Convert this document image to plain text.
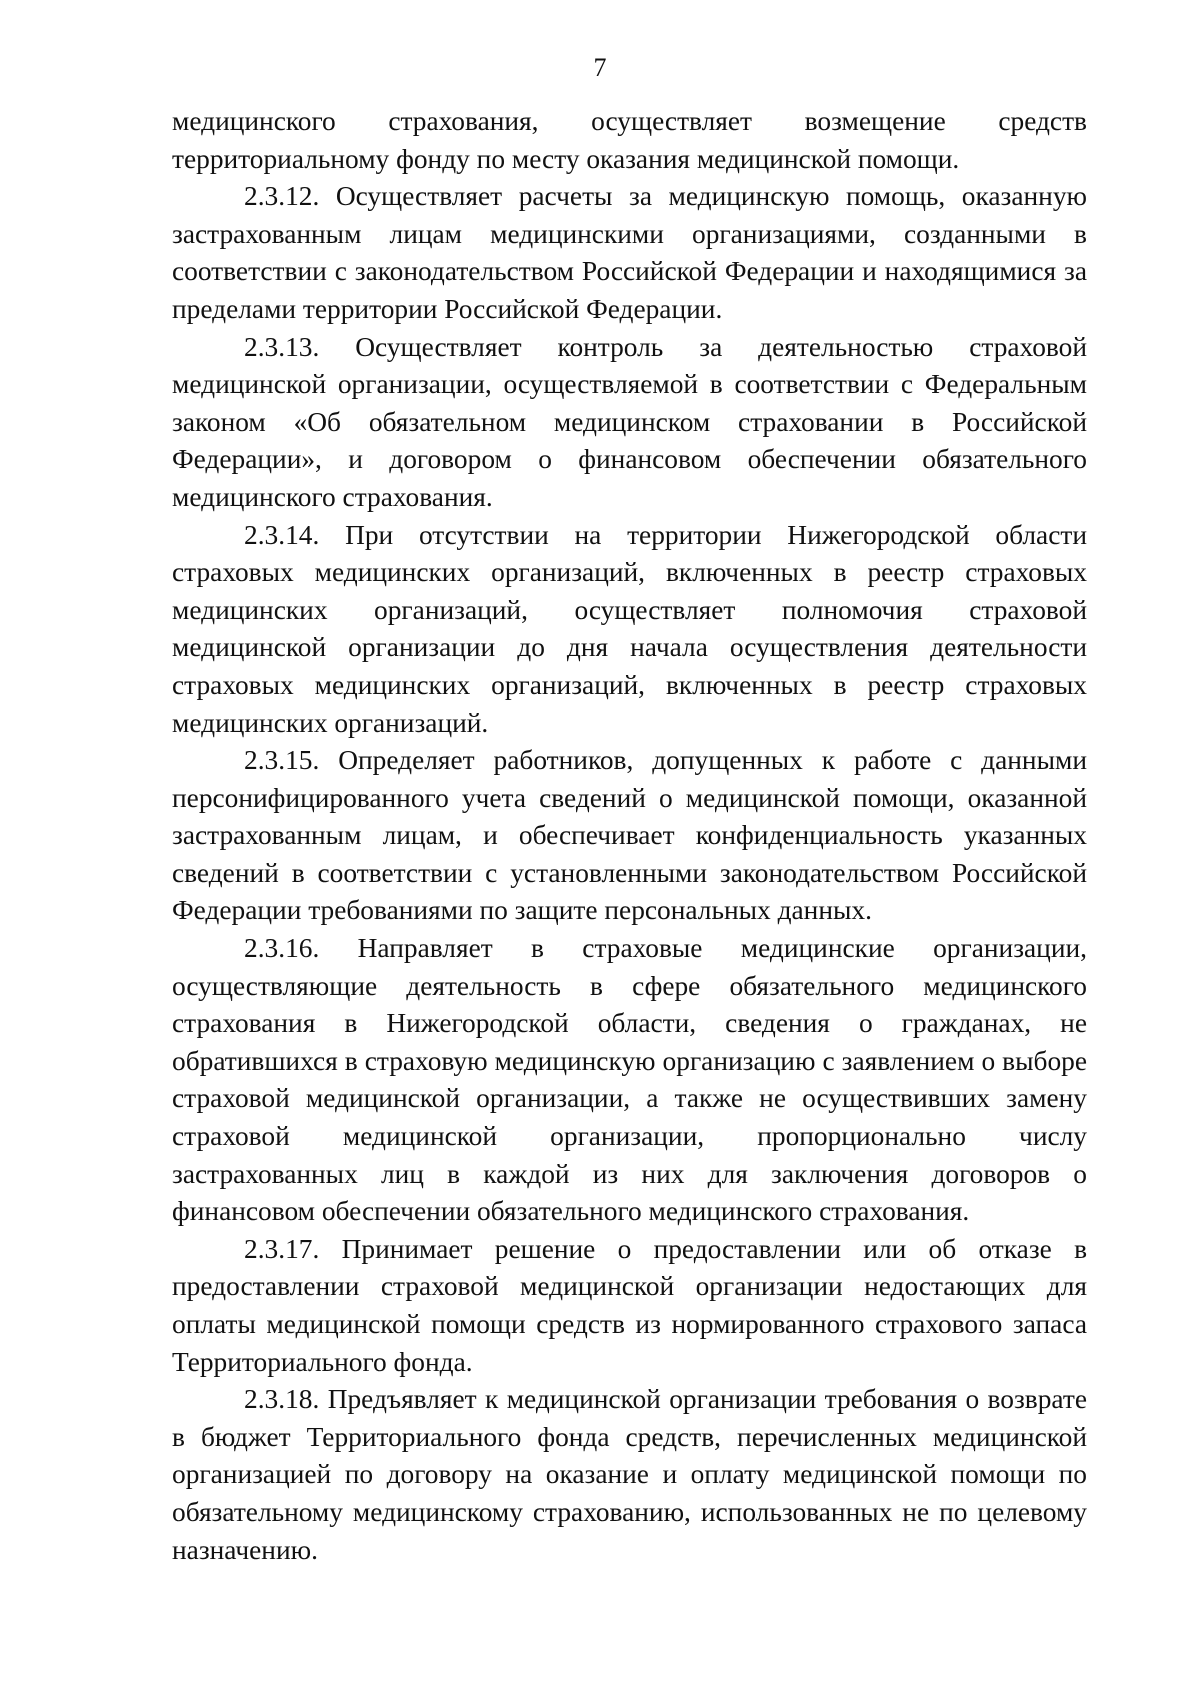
7

медицинского страхования, осуществляет возмещение средств территориальному фонду по месту оказания медицинской помощи.

2.3.12. Осуществляет расчеты за медицинскую помощь, оказанную застрахованным лицам медицинскими организациями, созданными в соответствии с законодательством Российской Федерации и находящимися за пределами территории Российской Федерации.

2.3.13. Осуществляет контроль за деятельностью страховой медицинской организации, осуществляемой в соответствии с Федеральным законом «Об обязательном медицинском страховании в Российской Федерации», и договором о финансовом обеспечении обязательного медицинского страхования.

2.3.14. При отсутствии на территории Нижегородской области страховых медицинских организаций, включенных в реестр страховых медицинских организаций, осуществляет полномочия страховой медицинской организации до дня начала осуществления деятельности страховых медицинских организаций, включенных в реестр страховых медицинских организаций.

2.3.15. Определяет работников, допущенных к работе с данными персонифицированного учета сведений о медицинской помощи, оказанной застрахованным лицам, и обеспечивает конфиденциальность указанных сведений в соответствии с установленными законодательством Российской Федерации требованиями по защите персональных данных.

2.3.16. Направляет в страховые медицинские организации, осуществляющие деятельность в сфере обязательного медицинского страхования в Нижегородской области, сведения о гражданах, не обратившихся в страховую медицинскую организацию с заявлением о выборе страховой медицинской организации, а также не осуществивших замену страховой медицинской организации, пропорционально числу застрахованных лиц в каждой из них для заключения договоров о финансовом обеспечении обязательного медицинского страхования.

2.3.17. Принимает решение о предоставлении или об отказе в предоставлении страховой медицинской организации недостающих для оплаты медицинской помощи средств из нормированного страхового запаса Территориального фонда.

2.3.18. Предъявляет к медицинской организации требования о возврате в бюджет Территориального фонда средств, перечисленных медицинской организацией по договору на оказание и оплату медицинской помощи по обязательному медицинскому страхованию, использованных не по целевому назначению.
